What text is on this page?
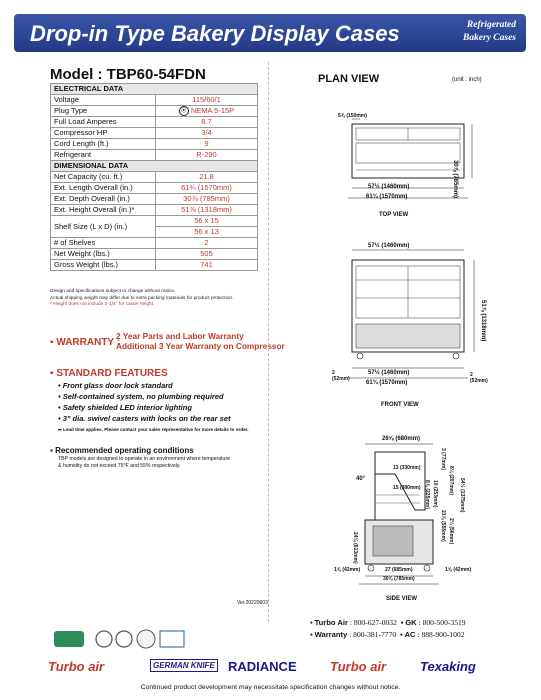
Drop-in Type Bakery Display Cases	Refrigerated
Bakery Cases
Model : TBP60-54FDN
ELECTRICAL DATA	
Voltage	115/60/1
Plug Type	⦿ NEMA 5-15P
Full Load Amperes	8.7
Compressor HP	3/4
Cord Length (ft.)	9
Refrigerant	R-290
DIMENSIONAL DATA	
Net Capacity (cu. ft.)	21.8
Ext. Length Overall (in.)	61¾ (1570mm)
Ext. Depth Overall (in.)	30⅞ (785mm)
Ext. Height Overall (in.)*	51⅞ (1318mm)
Shelf Size (L x D) (in.)	56 x 15
	56 x 13
# of Shelves	2
Net Weight (lbs.)	505
Gross Weight (lbs.)	741
Design and specifications subject to change without notice.
Actual shipping weight may differ due to extra packing materials for product protection.
* Height does not include 2-1/4" for caster height.
▪ WARRANTY :
2 Year Parts and Labor Warranty
Additional 3 Year Warranty on Compressor
▪ STANDARD FEATURES
• Front glass door lock standard
• Self-contained system, no plumbing required
• Safety shielded LED interior lighting
• 3" dia. swivel casters with locks on the rear set
➡ Lead time applies. Please contact your sales representative for more details to order.
▪ Recommended operating conditions
TBP models are designed to operate in an environment where temperature
& humidity do not exceed 75°F and 55% respectively.
Ver.20220603
PLAN VIEW	(unit : inch)
5⅞ (150mm)
57½ (1460mm)
61¾ (1570mm)	30⅞ (785mm)
TOP VIEW
57½ (1460mm)
51⅞ (1318mm)
2 (52mm)
2 (52mm)
57½ (1460mm)
61¾ (1570mm)
FRONT VIEW
26⅝ (680mm)
13 (330mm)
15 (380mm)
40°
3 (77mm)
8⅛ (207mm)
8⅞ (225mm) 10 (253mm)
21⅞ (555mm) 2¼ (56mm)
54½ (1375mm)
24⅛ (613mm)
27 (685mm)
30⅞ (785mm)
1⅝ (42mm)	1⅝ (42mm)
SIDE VIEW
▪ Turbo Air : 800-627-0032  ▪ GK : 800-500-3519
▪ Warranty : 800-381-7770  ▪ AC : 888-900-1002
Turbo air	GERMAN KNIFE RADIANCE	Turbo air	Texaking
Continued product development may necessitate specification changes without notice.
